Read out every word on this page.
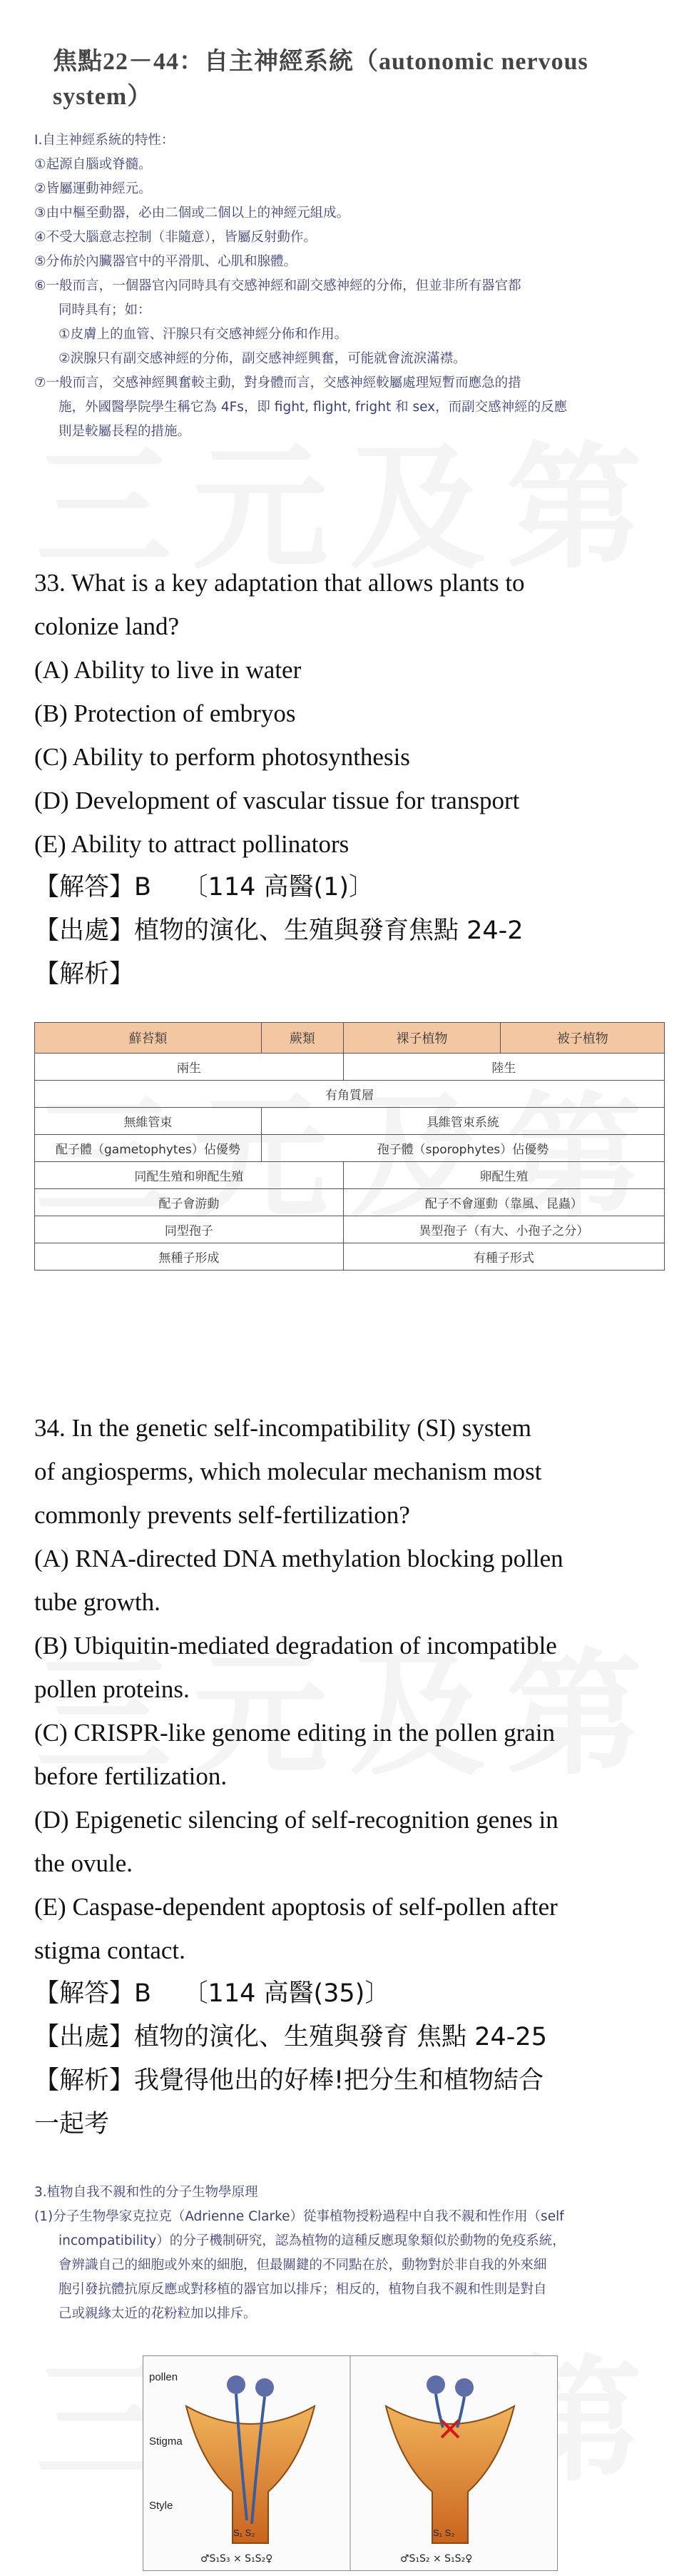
焦點22－44：自主神經系統（autonomic nervous system）
I.自主神經系統的特性：
①起源自腦或脊髓。
②皆屬運動神經元。
③由中樞至動器，必由二個或二個以上的神經元組成。
④不受大腦意志控制（非隨意），皆屬反射動作。
⑤分佈於內臟器官中的平滑肌、心肌和腺體。
⑥一般而言，一個器官內同時具有交感神經和副交感神經的分佈，但並非所有器官都
同時具有；如：
①皮膚上的血管、汗腺只有交感神經分佈和作用。
②淚腺只有副交感神經的分佈，副交感神經興奮，可能就會流淚滿襟。
⑦一般而言，交感神經興奮較主動，對身體而言，交感神經較屬處理短暫而應急的措
施，外國醫學院學生稱它為 4Fs，即 fight, flight, fright 和 sex，而副交感神經的反應
則是較屬長程的措施。

33. What is a key adaptation that allows plants to

colonize land?

(A) Ability to live in water

(B) Protection of embryos

(C) Ability to perform photosynthesis

(D) Development of vascular tissue for transport

(E) Ability to attract pollinators

【解答】B 〔114 高醫(1)〕

【出處】植物的演化、生殖與發育焦點 24-2

【解析】

蘚苔類	蕨類	裸子植物	被子植物
兩生		陸生	
有角質層			
無維管束	具維管束系統		
配子體（gametophytes）佔優勢	孢子體（sporophytes）佔優勢		
同配生殖和卵配生殖		卵配生殖	
配子會游動		配子不會運動（靠風、昆蟲）	
同型孢子		異型孢子（有大、小孢子之分）	
無種子形成		有種子形式	

34. In the genetic self-incompatibility (SI) system

of angiosperms, which molecular mechanism most

commonly prevents self-fertilization?

(A) RNA-directed DNA methylation blocking pollen

tube growth.

(B) Ubiquitin-mediated degradation of incompatible

pollen proteins.

(C) CRISPR-like genome editing in the pollen grain

before fertilization.

(D) Epigenetic silencing of self-recognition genes in

the ovule.

(E) Caspase-dependent apoptosis of self-pollen after

stigma contact.

【解答】B 〔114 高醫(35)〕

【出處】植物的演化、生殖與發育 焦點 24-25

【解析】我覺得他出的好棒!把分生和植物結合

一起考

3.植物自我不親和性的分子生物學原理
(1)分子生物學家克拉克（Adrienne Clarke）從事植物授粉過程中自我不親和性作用（self
incompatibility）的分子機制研究，認為植物的這種反應現象類似於動物的免疫系統，
會辨識自己的細胞或外來的細胞，但最關鍵的不同點在於，動物對於非自我的外來細
胞引發抗體抗原反應或對移植的器官加以排斥；相反的，植物自我不親和性則是對自
己或親緣太近的花粉粒加以排斥。
pollen
Stigma
Style
S₁ S₂
♂S₁S₃ × S₁S₂♀
S₁ S₂
♂S₁S₂ × S₁S₂♀
